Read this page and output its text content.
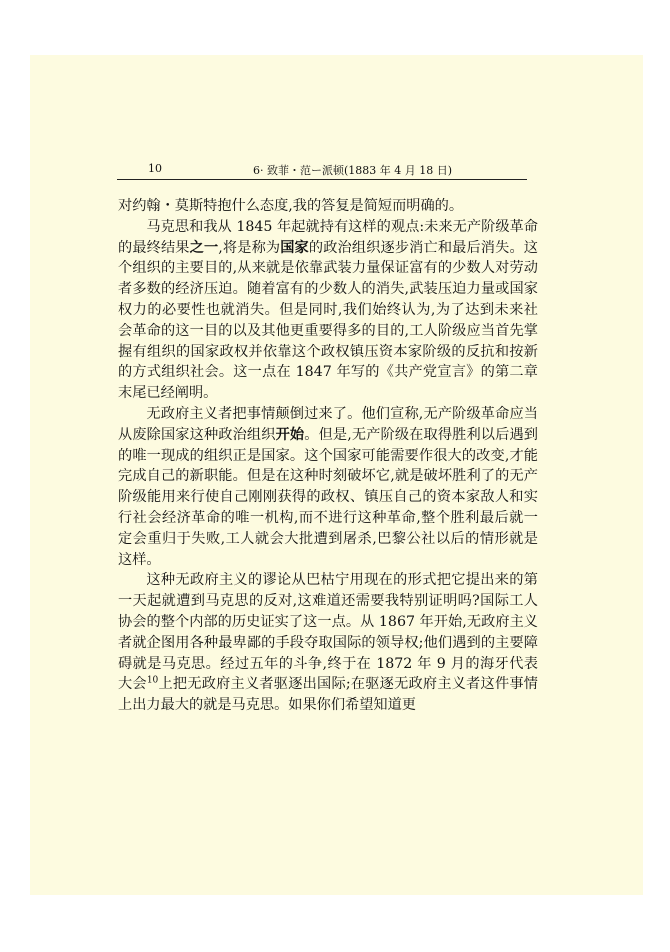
10	6· 致菲・范ー派顿(1883 年 4 月 18 日)

对约翰・莫斯特抱什么态度,我的答复是简短而明确的。

马克思和我从 1845 年起就持有这样的观点:未来无产阶级革命的最终结果之一,将是称为国家的政治组织逐步消亡和最后消失。这个组织的主要目的,从来就是依靠武装力量保证富有的少数人对劳动者多数的经济压迫。随着富有的少数人的消失,武装压迫力量或国家权力的必要性也就消失。但是同时,我们始终认为,为了达到未来社会革命的这一目的以及其他更重要得多的目的,工人阶级应当首先掌握有组织的国家政权并依靠这个政权镇压资本家阶级的反抗和按新的方式组织社会。这一点在 1847 年写的《共产党宣言》的第二章末尾已经阐明。

无政府主义者把事情颠倒过来了。他们宣称,无产阶级革命应当从废除国家这种政治组织开始。但是,无产阶级在取得胜利以后遇到的唯一现成的组织正是国家。这个国家可能需要作很大的改变,才能完成自己的新职能。但是在这种时刻破坏它,就是破坏胜利了的无产阶级能用来行使自己刚刚获得的政权、镇压自己的资本家敌人和实行社会经济革命的唯一机构,而不进行这种革命,整个胜利最后就一定会重归于失败,工人就会大批遭到屠杀,巴黎公社以后的情形就是这样。

这种无政府主义的谬论从巴枯宁用现在的形式把它提出来的第一天起就遭到马克思的反对,这难道还需要我特别证明吗?国际工人协会的整个内部的历史证实了这一点。从 1867 年开始,无政府主义者就企图用各种最卑鄙的手段夺取国际的领导权;他们遇到的主要障碍就是马克思。经过五年的斗争,终于在 1872 年 9 月的海牙代表大会$^{10}$上把无政府主义者驱逐出国际;在驱逐无政府主义者这件事情上出力最大的就是马克思。如果你们希望知道更
